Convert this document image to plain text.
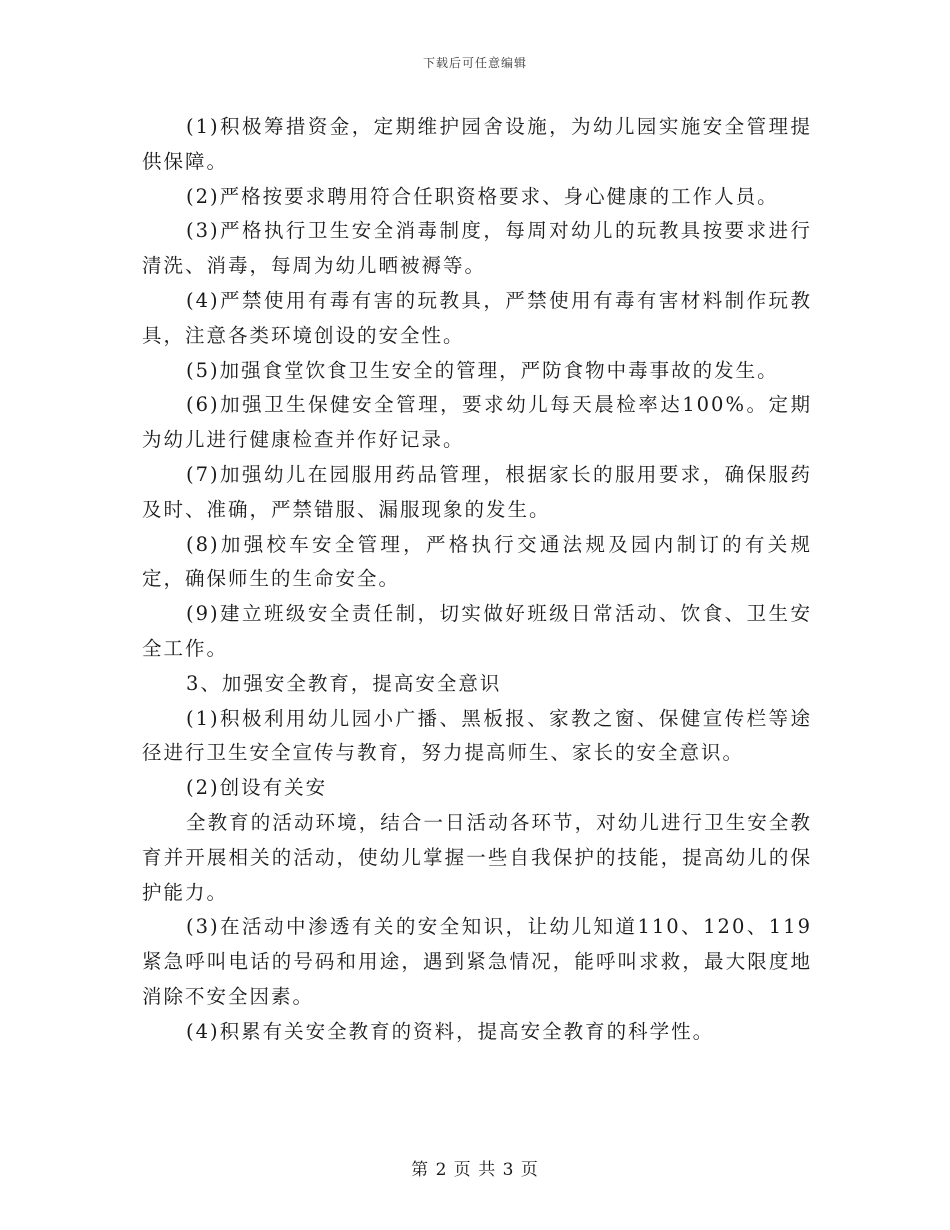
下载后可任意编辑

(1)积极筹措资金，定期维护园舍设施，为幼儿园实施安全管理提供保障。

(2)严格按要求聘用符合任职资格要求、身心健康的工作人员。

(3)严格执行卫生安全消毒制度，每周对幼儿的玩教具按要求进行清洗、消毒，每周为幼儿晒被褥等。

(4)严禁使用有毒有害的玩教具，严禁使用有毒有害材料制作玩教具，注意各类环境创设的安全性。

(5)加强食堂饮食卫生安全的管理，严防食物中毒事故的发生。

(6)加强卫生保健安全管理，要求幼儿每天晨检率达100%。定期为幼儿进行健康检查并作好记录。

(7)加强幼儿在园服用药品管理，根据家长的服用要求，确保服药及时、准确，严禁错服、漏服现象的发生。

(8)加强校车安全管理，严格执行交通法规及园内制订的有关规定，确保师生的生命安全。

(9)建立班级安全责任制，切实做好班级日常活动、饮食、卫生安全工作。

3、加强安全教育，提高安全意识

(1)积极利用幼儿园小广播、黑板报、家教之窗、保健宣传栏等途径进行卫生安全宣传与教育，努力提高师生、家长的安全意识。

(2)创设有关安

全教育的活动环境，结合一日活动各环节，对幼儿进行卫生安全教育并开展相关的活动，使幼儿掌握一些自我保护的技能，提高幼儿的保护能力。

(3)在活动中渗透有关的安全知识，让幼儿知道110、120、119紧急呼叫电话的号码和用途，遇到紧急情况，能呼叫求救，最大限度地消除不安全因素。

(4)积累有关安全教育的资料，提高安全教育的科学性。

第 2 页 共 3 页
